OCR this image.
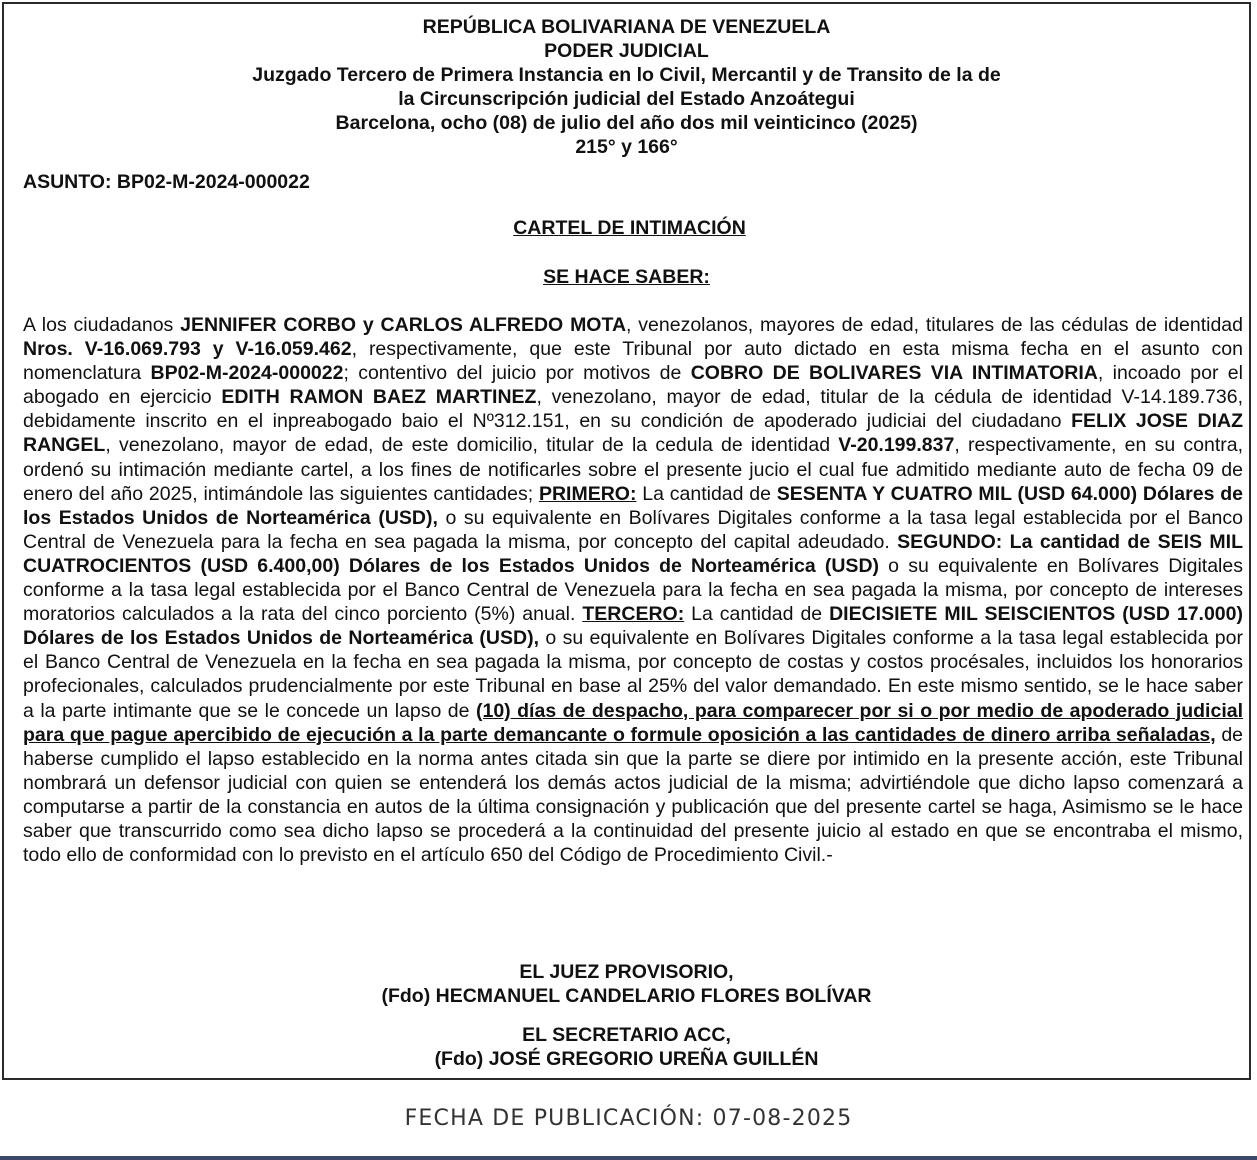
REPÚBLICA BOLIVARIANA DE VENEZUELA
PODER JUDICIAL
Juzgado Tercero de Primera Instancia en lo Civil, Mercantil y de Transito de la de
la Circunscripción judicial del Estado Anzoátegui
Barcelona, ocho (08) de julio del año dos mil veinticinco (2025)
215° y 166°
ASUNTO: BP02-M-2024-000022
CARTEL DE INTIMACIÓN
SE HACE SABER:

A los ciudadanos JENNIFER CORBO y CARLOS ALFREDO MOTA, venezolanos, mayores de edad, titulares de las cédulas de identidad Nros. V-16.069.793 y V-16.059.462, respectivamente, que este Tribunal por auto dictado en esta misma fecha en el asunto con nomenclatura BP02-M-2024-000022; contentivo del juicio por motivos de COBRO DE BOLIVARES VIA INTIMATORIA, incoado por el abogado en ejercicio EDITH RAMON BAEZ MARTINEZ, venezolano, mayor de edad, titular de la cédula de identidad V-14.189.736, debidamente inscrito en el inpreabogado baio el Nº312.151, en su condición de apoderado judiciai del ciudadano FELIX JOSE DIAZ RANGEL, venezolano, mayor de edad, de este domicilio, titular de la cedula de identidad V-20.199.837, respectivamente, en su contra, ordenó su intimación mediante cartel, a los fines de notificarles sobre el presente jucio el cual fue admitido mediante auto de fecha 09 de enero del año 2025, intimándole las siguientes cantidades; PRIMERO: La cantidad de SESENTA Y CUATRO MIL (USD 64.000) Dólares de los Estados Unidos de Norteamérica (USD), o su equivalente en Bolívares Digitales conforme a la tasa legal establecida por el Banco Central de Venezuela para la fecha en sea pagada la misma, por concepto del capital adeudado. SEGUNDO: La cantidad de SEIS MIL CUATROCIENTOS (USD 6.400,00) Dólares de los Estados Unidos de Norteamérica (USD) o su equivalente en Bolívares Digitales conforme a la tasa legal establecida por el Banco Central de Venezuela para la fecha en sea pagada la misma, por concepto de intereses moratorios calculados a la rata del cinco porciento (5%) anual. TERCERO: La cantidad de DIECISIETE MIL SEISCIENTOS (USD 17.000) Dólares de los Estados Unidos de Norteamérica (USD), o su equivalente en Bolívares Digitales conforme a la tasa legal establecida por el Banco Central de Venezuela en la fecha en sea pagada la misma, por concepto de costas y costos procésales, incluidos los honorarios profecionales, calculados prudencialmente por este Tribunal en base al 25% del valor demandado. En este mismo sentido, se le hace saber a la parte intimante que se le concede un lapso de (10) días de despacho, para comparecer por si o por medio de apoderado judicial para que pague apercibido de ejecución a la parte demancante o formule oposición a las cantidades de dinero arriba señaladas, de haberse cumplido el lapso establecido en la norma antes citada sin que la parte se diere por intimido en la presente acción, este Tribunal nombrará un defensor judicial con quien se entenderá los demás actos judicial de la misma; advirtiéndole que dicho lapso comenzará a computarse a partir de la constancia en autos de la última consignación y publicación que del presente cartel se haga, Asimismo se le hace saber que transcurrido como sea dicho lapso se procederá a la continuidad del presente juicio al estado en que se encontraba el mismo, todo ello de conformidad con lo previsto en el artículo 650 del Código de Procedimiento Civil.-

EL JUEZ PROVISORIO,
(Fdo) HECMANUEL CANDELARIO FLORES BOLÍVAR
EL SECRETARIO ACC,
(Fdo) JOSÉ GREGORIO UREÑA GUILLÉN
FECHA DE PUBLICACIÓN: 07-08-2025
